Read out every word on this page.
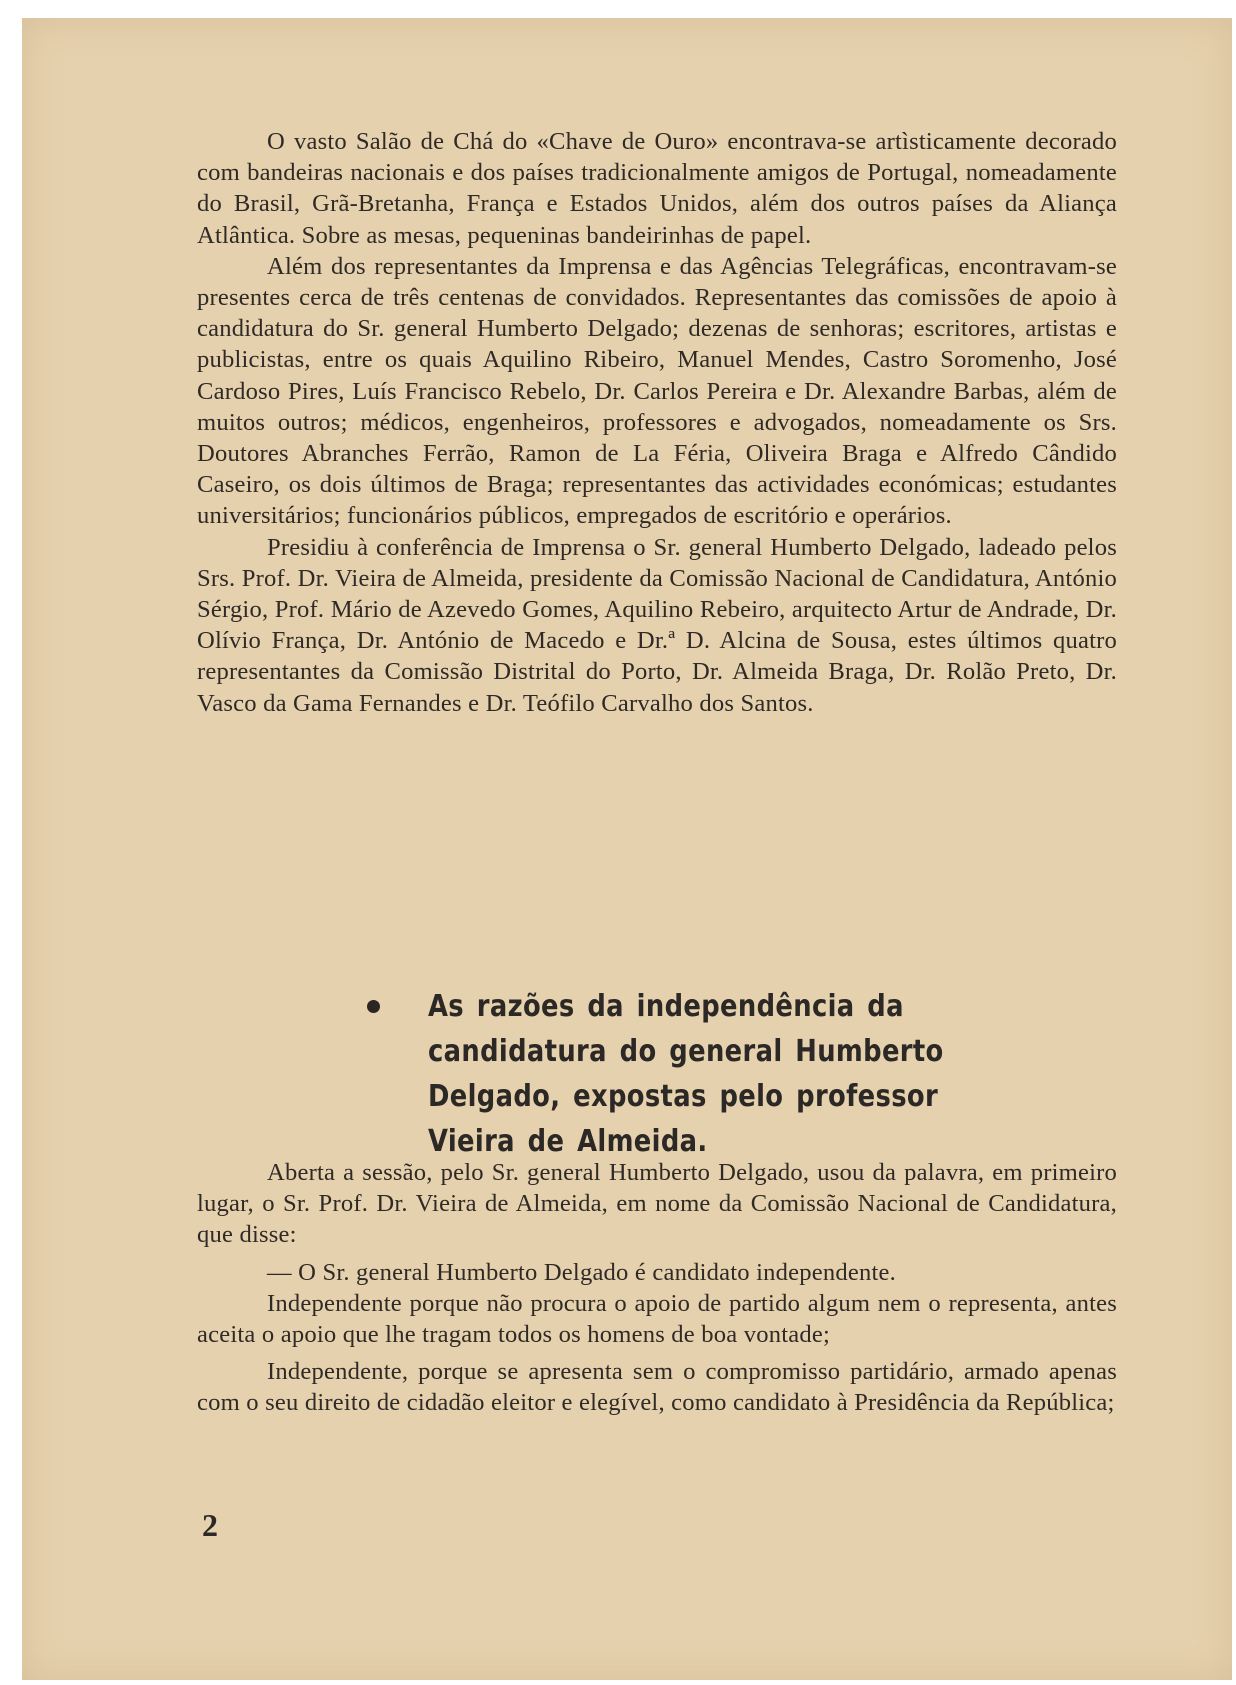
O vasto Salão de Chá do «Chave de Ouro» encontrava-se artìsticamente decorado com bandeiras nacionais e dos países tradicionalmente amigos de Portugal, nomeadamente do Brasil, Grã-Bretanha, França e Estados Unidos, além dos outros países da Aliança Atlântica. Sobre as mesas, pequeninas bandeirinhas de papel.

Além dos representantes da Imprensa e das Agências Telegráficas, encontravam-se presentes cerca de três centenas de convidados. Representantes das comissões de apoio à candidatura do Sr. general Humberto Delgado; dezenas de senhoras; escritores, artistas e publicistas, entre os quais Aquilino Ribeiro, Manuel Mendes, Castro Soromenho, José Cardoso Pires, Luís Francisco Rebelo, Dr. Carlos Pereira e Dr. Alexandre Barbas, além de muitos outros; médicos, engenheiros, professores e advogados, nomeadamente os Srs. Doutores Abranches Ferrão, Ramon de La Féria, Oliveira Braga e Alfredo Cândido Caseiro, os dois últimos de Braga; representantes das actividades económicas; estudantes universitários; funcionários públicos, empregados de escritório e operários.

Presidiu à conferência de Imprensa o Sr. general Humberto Delgado, ladeado pelos Srs. Prof. Dr. Vieira de Almeida, presidente da Comissão Nacional de Candidatura, António Sérgio, Prof. Mário de Azevedo Gomes, Aquilino Rebeiro, arquitecto Artur de Andrade, Dr. Olívio França, Dr. António de Macedo e Dr.ª D. Alcina de Sousa, estes últimos quatro representantes da Comissão Distrital do Porto, Dr. Almeida Braga, Dr. Rolão Preto, Dr. Vasco da Gama Fernandes e Dr. Teófilo Carvalho dos Santos.

As razões da independência da candidatura do general Humberto Delgado, expostas pelo professor Vieira de Almeida.

Aberta a sessão, pelo Sr. general Humberto Delgado, usou da palavra, em primeiro lugar, o Sr. Prof. Dr. Vieira de Almeida, em nome da Comissão Nacional de Candidatura, que disse:

— O Sr. general Humberto Delgado é candidato independente.

Independente porque não procura o apoio de partido algum nem o representa, antes aceita o apoio que lhe tragam todos os homens de boa vontade;

Independente, porque se apresenta sem o compromisso partidário, armado apenas com o seu direito de cidadão eleitor e elegível, como candidato à Presidência da República;

2
